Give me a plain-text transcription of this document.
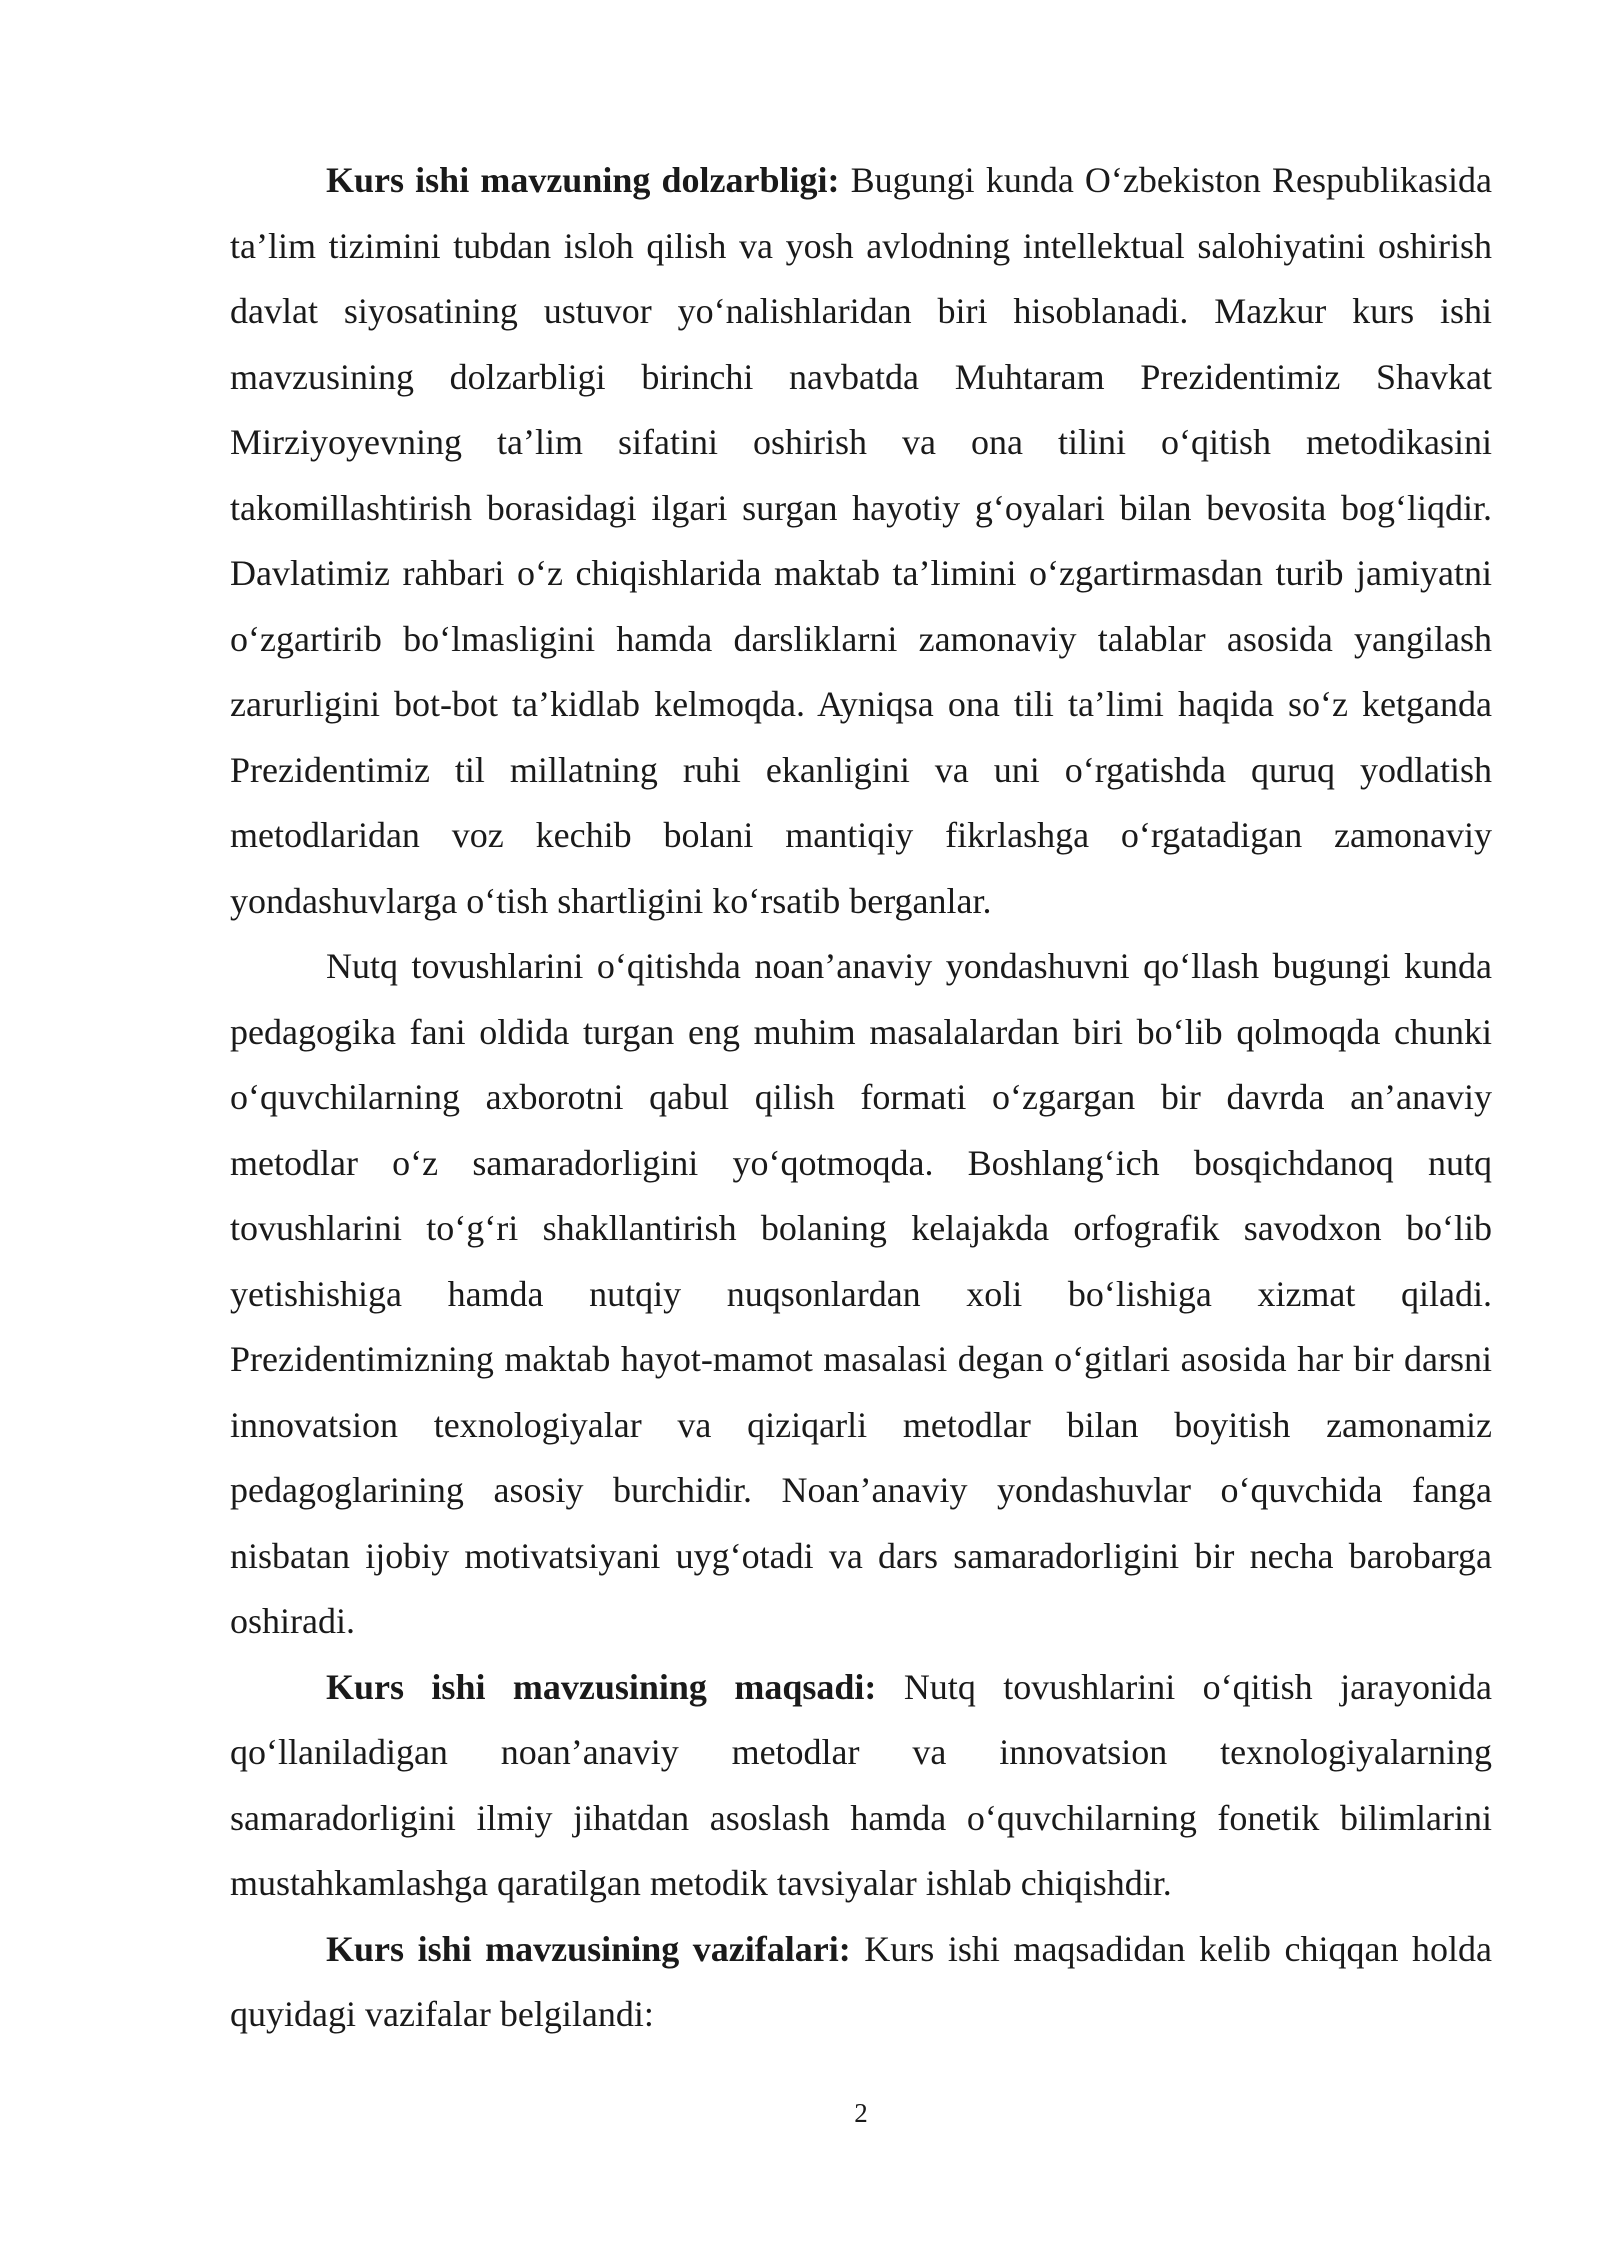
Kurs ishi mavzuning dolzarbligi: Bugungi kunda O‘zbekiston Respublikasida ta’lim tizimini tubdan isloh qilish va yosh avlodning intellektual salohiyatini oshirish davlat siyosatining ustuvor yo‘nalishlaridan biri hisoblanadi. Mazkur kurs ishi mavzusining dolzarbligi birinchi navbatda Muhtaram Prezidentimiz Shavkat Mirziyoyevning ta’lim sifatini oshirish va ona tilini o‘qitish metodikasini takomillashtirish borasidagi ilgari surgan hayotiy g‘oyalari bilan bevosita bog‘liqdir. Davlatimiz rahbari o‘z chiqishlarida maktab ta’limini o‘zgartirmasdan turib jamiyatni o‘zgartirib bo‘lmasligini hamda darsliklarni zamonaviy talablar asosida yangilash zarurligini bot-bot ta’kidlab kelmoqda. Ayniqsa ona tili ta’limi haqida so‘z ketganda Prezidentimiz til millatning ruhi ekanligini va uni o‘rgatishda quruq yodlatish metodlaridan voz kechib bolani mantiqiy fikrlashga o‘rgatadigan zamonaviy yondashuvlarga o‘tish shartligini ko‘rsatib berganlar.

Nutq tovushlarini o‘qitishda noan’anaviy yondashuvni qo‘llash bugungi kunda pedagogika fani oldida turgan eng muhim masalalardan biri bo‘lib qolmoqda chunki o‘quvchilarning axborotni qabul qilish formati o‘zgargan bir davrda an’anaviy metodlar o‘z samaradorligini yo‘qotmoqda. Boshlang‘ich bosqichdanoq nutq tovushlarini to‘g‘ri shakllantirish bolaning kelajakda orfografik savodxon bo‘lib yetishishiga hamda nutqiy nuqsonlardan xoli bo‘lishiga xizmat qiladi. Prezidentimizning maktab hayot-mamot masalasi degan o‘gitlari asosida har bir darsni innovatsion texnologiyalar va qiziqarli metodlar bilan boyitish zamonamiz pedagoglarining asosiy burchidir. Noan’anaviy yondashuvlar o‘quvchida fanga nisbatan ijobiy motivatsiyani uyg‘otadi va dars samaradorligini bir necha barobarga oshiradi.

Kurs ishi mavzusining maqsadi: Nutq tovushlarini o‘qitish jarayonida qo‘llaniladigan noan’anaviy metodlar va innovatsion texnologiyalarning samaradorligini ilmiy jihatdan asoslash hamda o‘quvchilarning fonetik bilimlarini mustahkamlashga qaratilgan metodik tavsiyalar ishlab chiqishdir.

Kurs ishi mavzusining vazifalari: Kurs ishi maqsadidan kelib chiqqan holda quyidagi vazifalar belgilandi:

2
